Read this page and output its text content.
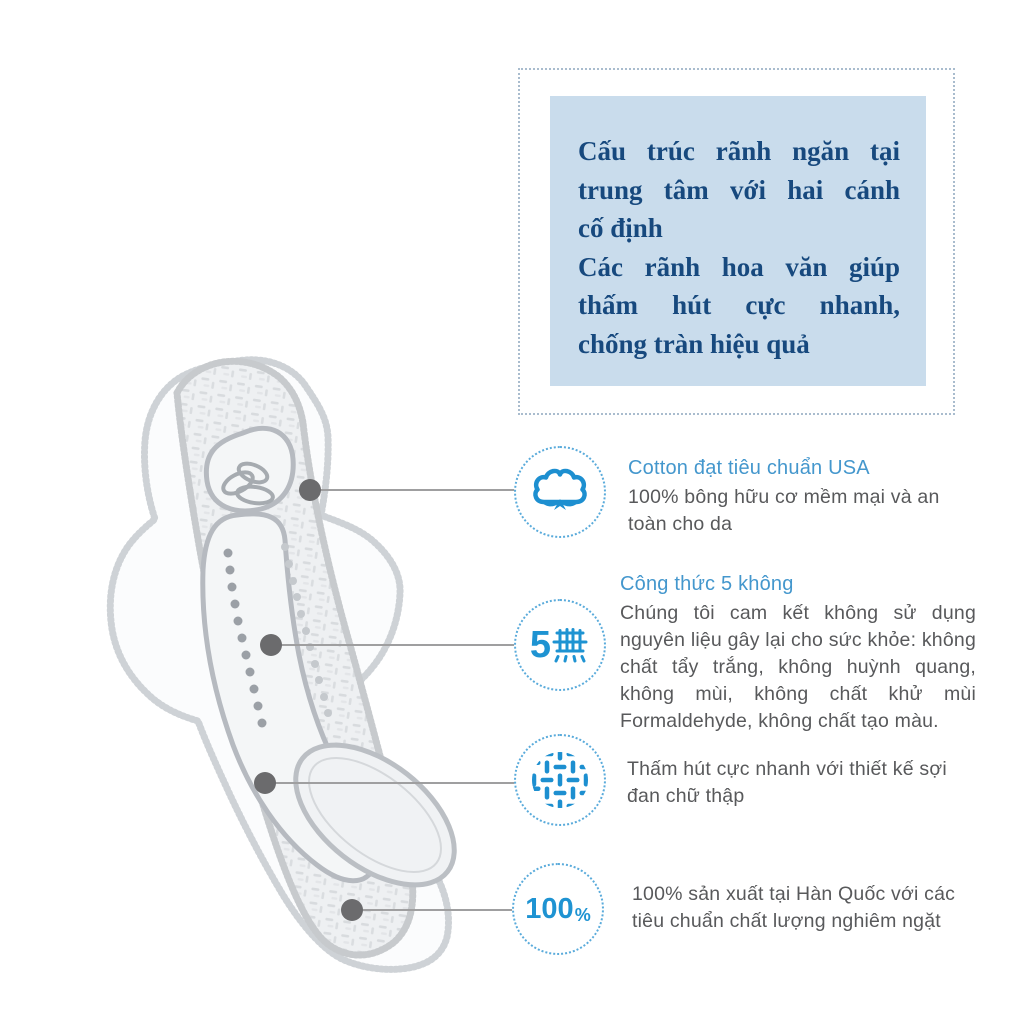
Cấu trúc rãnh ngăn tại
trung tâm với hai cánh
cố định
Các rãnh hoa văn giúp
thấm hút cực nhanh,
chống tràn hiệu quả
Cotton đạt tiêu chuẩn USA
100% bông hữu cơ mềm mại và an toàn cho da
5
Công thức 5 không
Chúng tôi cam kết không sử dụng nguyên liệu gây lại cho sức khỏe: không chất tẩy trắng, không huỳnh quang, không mùi, không chất khử mùi Formaldehyde, không chất tạo màu.
Thấm hút cực nhanh với thiết kế sợi đan chữ thập
100 %
100% sản xuất tại Hàn Quốc với các tiêu chuẩn chất lượng nghiêm ngặt
